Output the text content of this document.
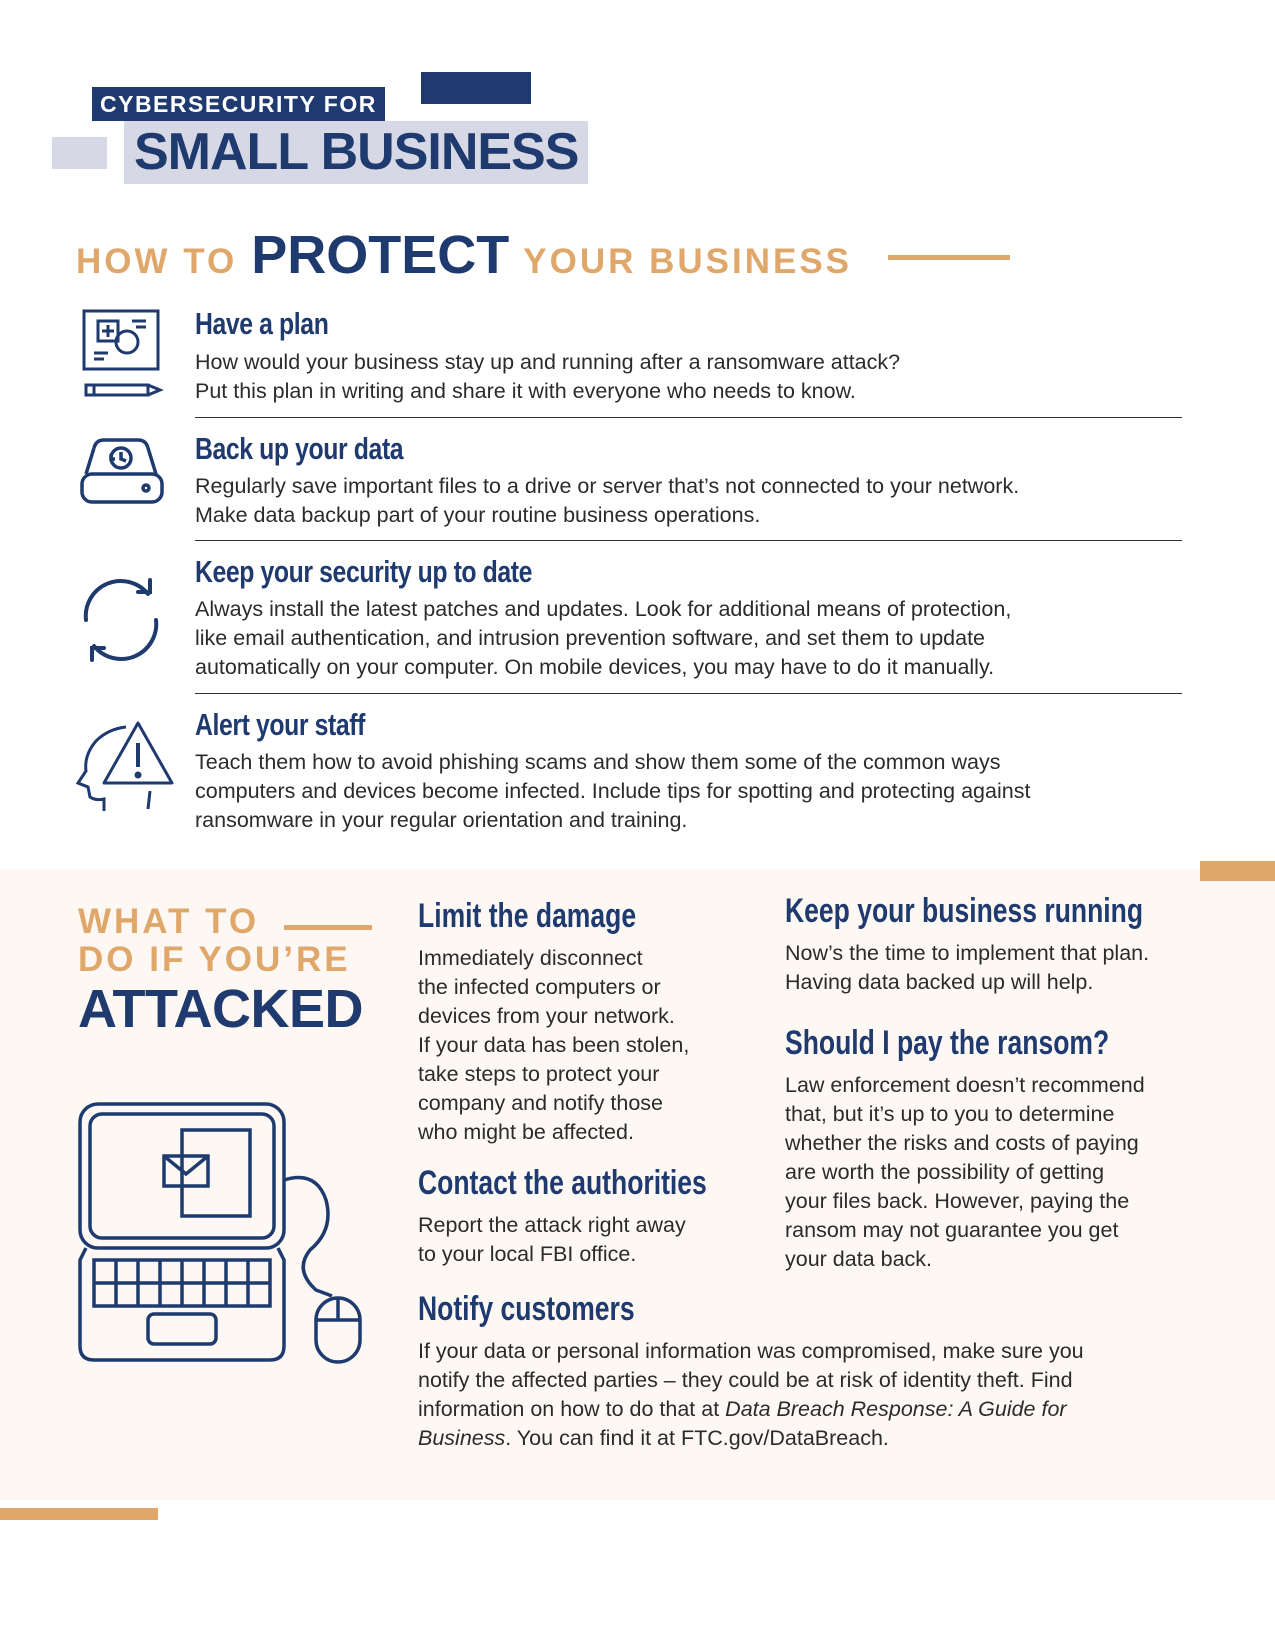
CYBERSECURITY FOR
SMALL BUSINESS
HOW TO PROTECT YOUR BUSINESS
Have a plan
How would your business stay up and running after a ransomware attack?
Put this plan in writing and share it with everyone who needs to know.
Back up your data
Regularly save important files to a drive or server that’s not connected to your network.
Make data backup part of your routine business operations.
Keep your security up to date
Always install the latest patches and updates. Look for additional means of protection,
like email authentication, and intrusion prevention software, and set them to update
automatically on your computer. On mobile devices, you may have to do it manually.
Alert your staff
Teach them how to avoid phishing scams and show them some of the common ways
computers and devices become infected. Include tips for spotting and protecting against
ransomware in your regular orientation and training.
WHAT TO
DO IF YOU’RE
ATTACKED
Limit the damage
Immediately disconnect
the infected computers or
devices from your network.
If your data has been stolen,
take steps to protect your
company and notify those
who might be affected.
Contact the authorities
Report the attack right away
to your local FBI office.
Keep your business running
Now’s the time to implement that plan.
Having data backed up will help.
Should I pay the ransom?
Law enforcement doesn’t recommend
that, but it’s up to you to determine
whether the risks and costs of paying
are worth the possibility of getting
your files back. However, paying the
ransom may not guarantee you get
your data back.
Notify customers
If your data or personal information was compromised, make sure you
notify the affected parties – they could be at risk of identity theft. Find
information on how to do that at Data Breach Response: A Guide for
Business. You can find it at FTC.gov/DataBreach.
